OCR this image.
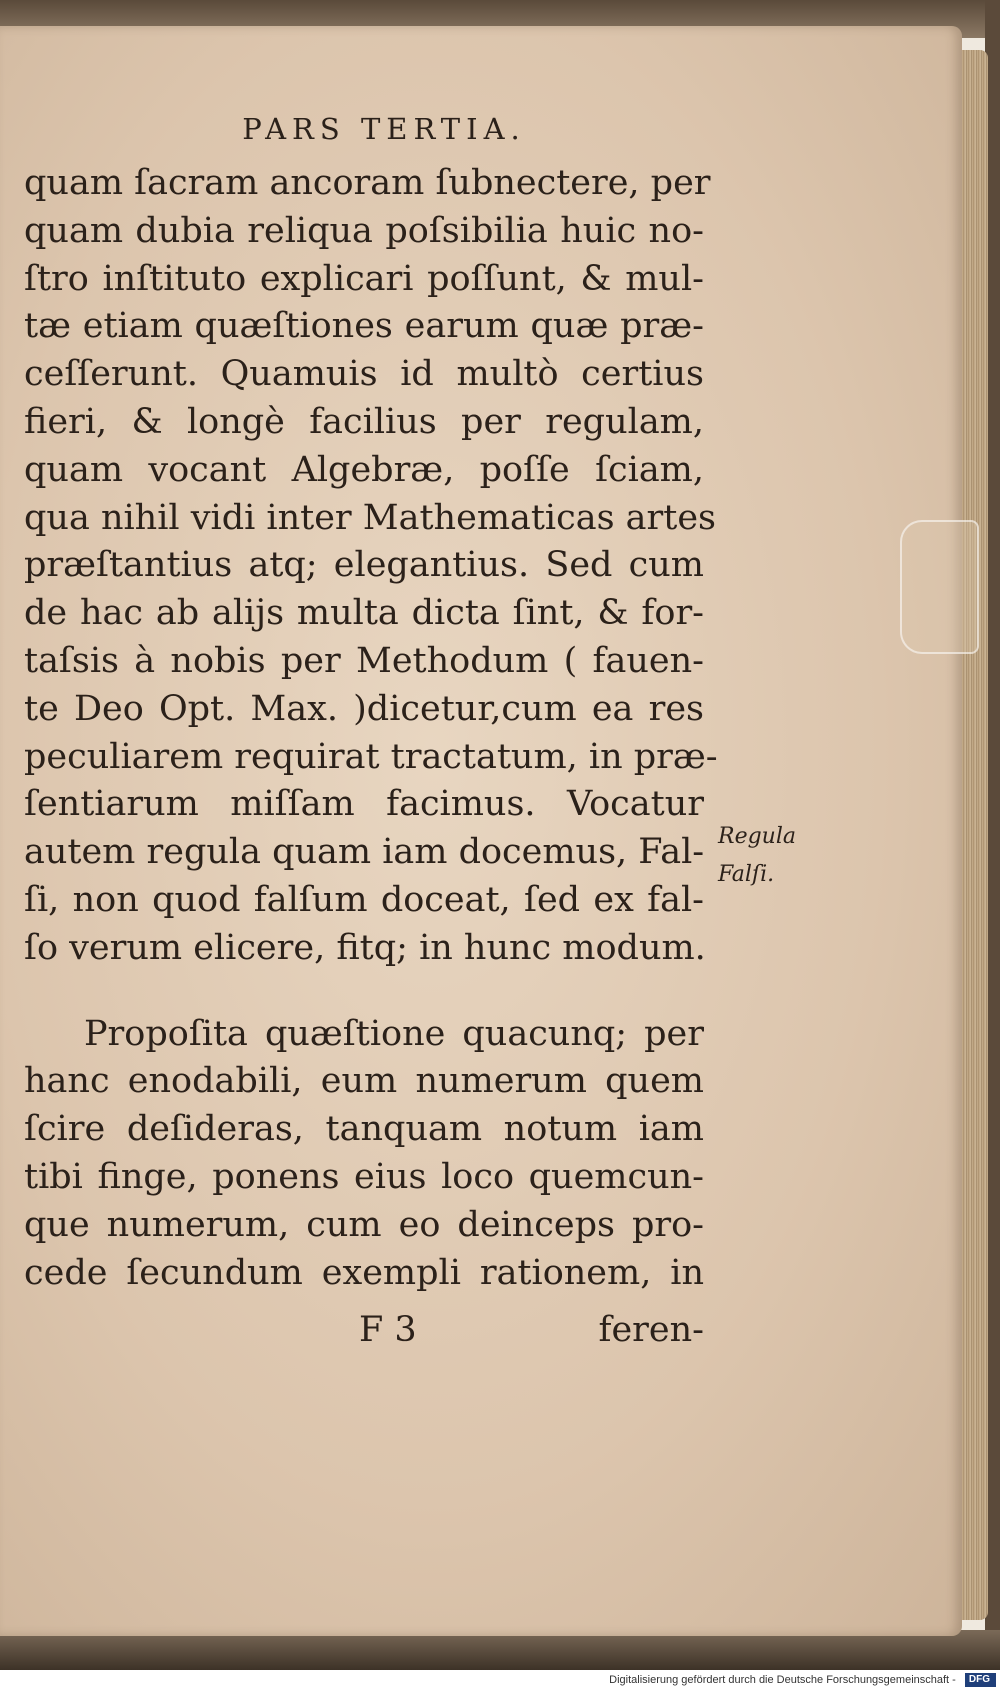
PARS TERTIA.
quam ſacram ancoram ſubnectere, per
quam dubia reliqua poſsibilia huic no-
ſtro inſtituto explicari poſſunt, & mul-
tæ etiam quæſtiones earum quæ præ-
ceſſerunt. Quamuis id multò certius
fieri, & longè facilius per regulam,
quam vocant Algebræ, poſſe ſciam,
qua nihil vidi inter Mathematicas artes
præſtantius atq; elegantius. Sed cum
de hac ab alijs multa dicta ſint, & for-
taſsis à nobis per Methodum ( fauen-
te Deo Opt. Max. )dicetur,cum ea res
peculiarem requirat tractatum, in præ-
ſentiarum miſſam facimus. Vocatur
autem regula quam iam docemus, Fal-
ſi, non quod falſum doceat, ſed ex fal-
ſo verum elicere, fitq; in hunc modum.
Propoſita quæſtione quacunq; per
hanc enodabili, eum numerum quem
ſcire deſideras, tanquam notum iam
tibi finge, ponens eius loco quemcun-
que numerum, cum eo deinceps pro-
cede ſecundum exempli rationem, in
F 3	feren-
Regula
Falſi.
Digitalisierung gefördert durch die Deutsche Forschungsgemeinschaft - DFG
